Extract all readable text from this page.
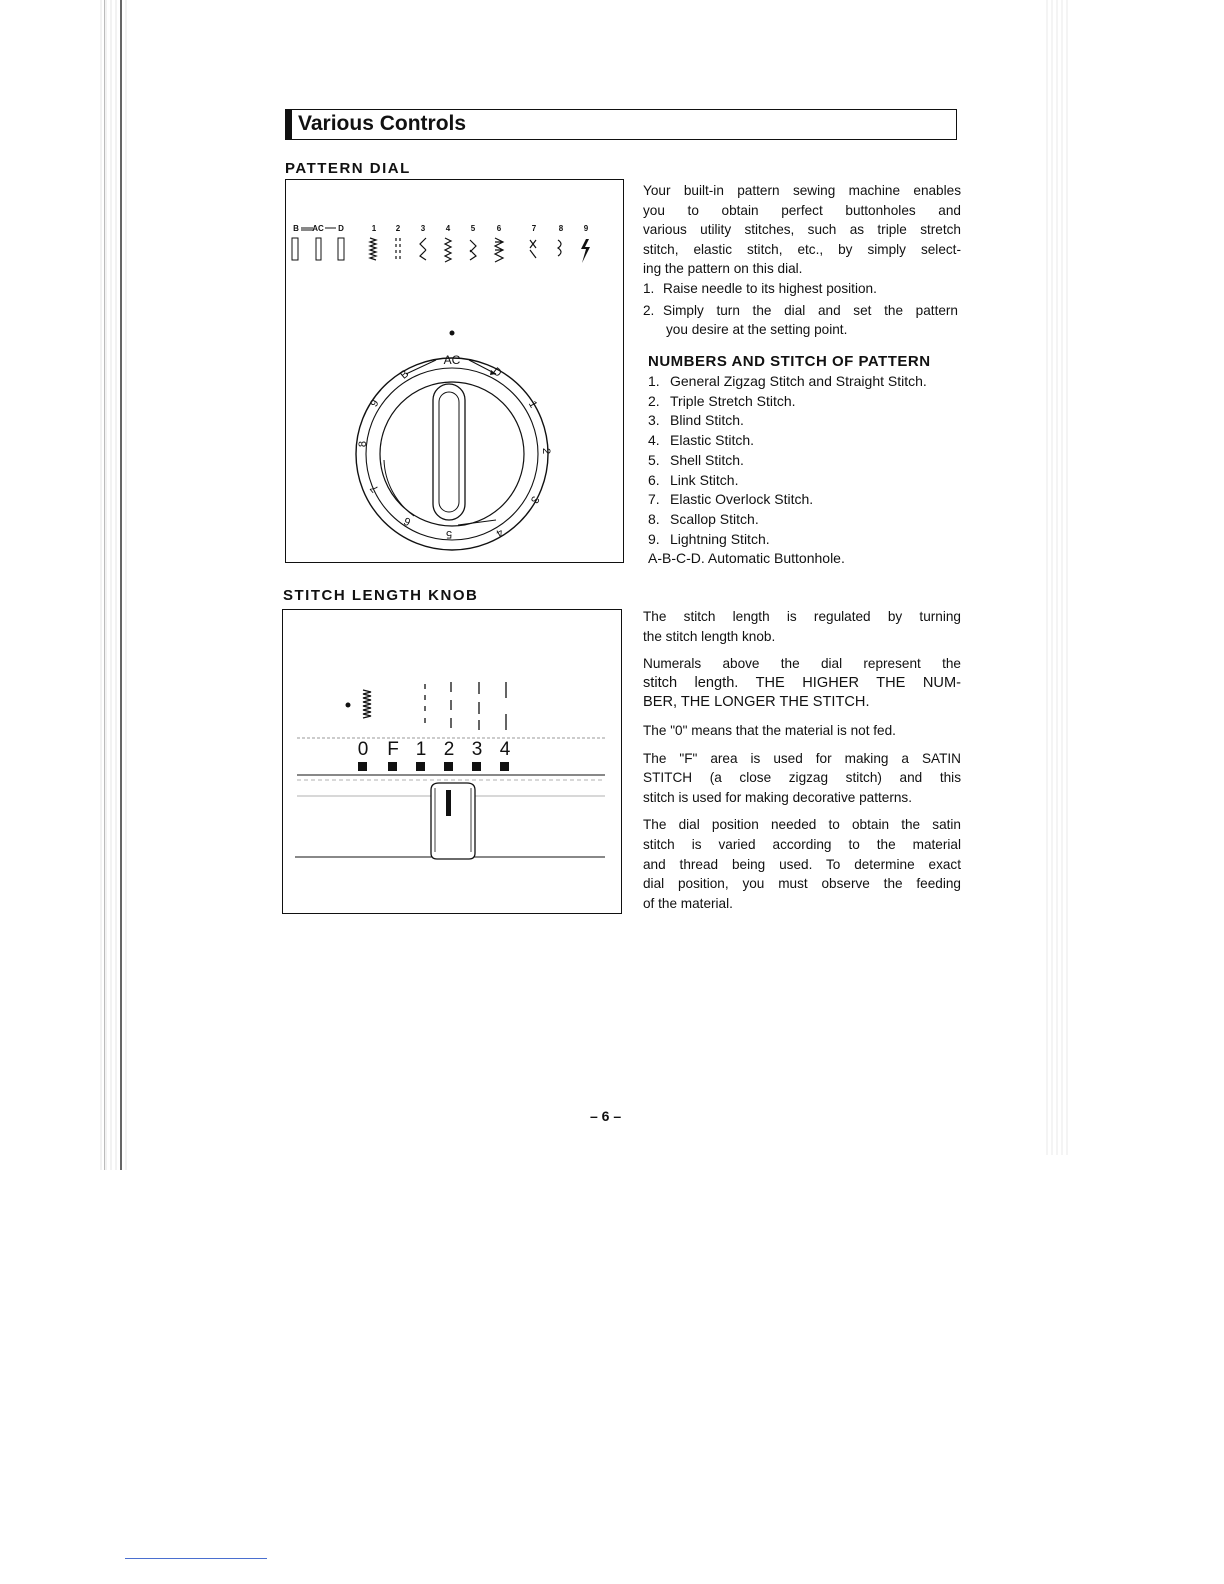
Various Controls
PATTERN DIAL
B AC D	1 2	3	4	5	6	7	8	9
AC
D
1
2
3
4
5
6
7
8
9
B

Your built-in pattern sewing machine enables

you to obtain perfect buttonholes and

various utility stitches, such as triple stretch

stitch, elastic stitch, etc., by simply select-

ing the pattern on this dial.

1. Raise needle to its highest position.
2. Simply turn the dial and set the pattern
you desire at the setting point.
NUMBERS AND STITCH OF PATTERN
1. General Zigzag Stitch and Straight Stitch.
2. Triple Stretch Stitch.
3. Blind Stitch.
4. Elastic Stitch.
5. Shell Stitch.
6. Link Stitch.
7. Elastic Overlock Stitch.
8. Scallop Stitch.
9. Lightning Stitch.
A-B-C-D. Automatic Buttonhole.
STITCH LENGTH KNOB
0 F 1 2 3 4

The stitch length is regulated by turning

the stitch length knob.

Numerals above the dial represent the

stitch length. THE HIGHER THE NUM-

BER, THE LONGER THE STITCH.

The "0" means that the material is not fed.

The "F" area is used for making a SATIN

STITCH (a close zigzag stitch) and this

stitch is used for making decorative patterns.

The dial position needed to obtain the satin

stitch is varied according to the material

and thread being used. To determine exact

dial position, you must observe the feeding

of the material.

– 6 –
